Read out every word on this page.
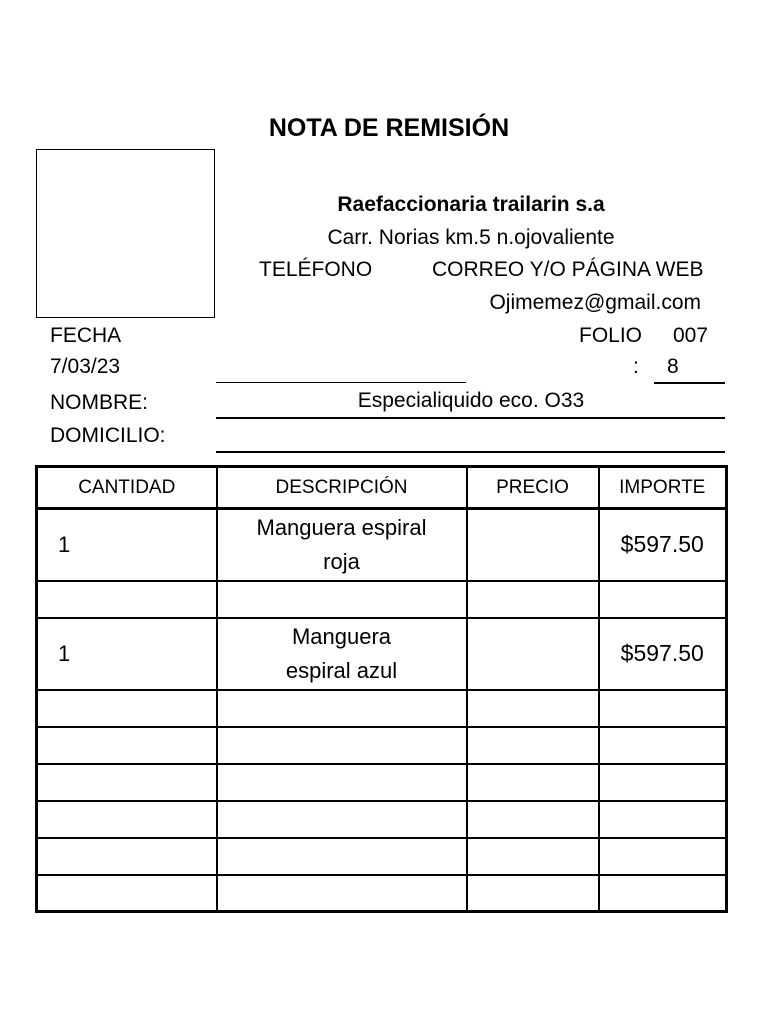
NOTA DE REMISIÓN
Raefaccionaria trailarin s.a
Carr. Norias km.5 n.ojovaliente
TELÉFONO	CORREO Y/O PÁGINA WEB
Ojimemez@gmail.com
FECHA
7/03/23
FOLIO 007
: 8
NOMBRE:	Especialiquido eco. O33
DOMICILIO:
CANTIDAD	DESCRIPCIÓN	PRECIO	IMPORTE
1	Manguera espiral roja		$597.50

1	Manguera espiral azul		$597.50
